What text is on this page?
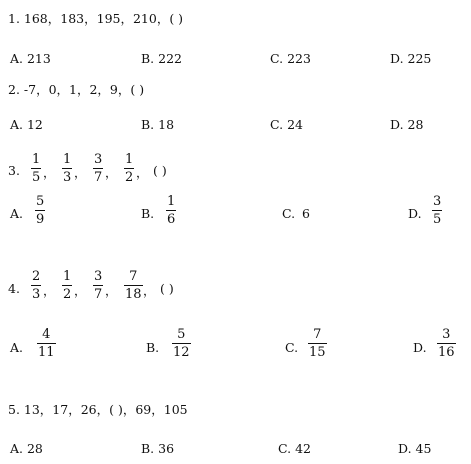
1. 168，183，195，210，( )
A. 213	B. 222	C. 223	D. 225
2. -7，0，1，2，9，( )
A. 12	B. 18	C. 24	D. 28
3.
1
5 ，
1
3 ，
3
7 ，
1
2 ， ( )
A.
5
9	B.
1
6	C. 6	D.
3
5
4.
2
3 ，
1
2 ，
3
7 ，
7
18 ， ( )
A.
4
11	B.
5
12	C.
7
15	D.
3
16
5. 13，17，26，( )，69，105
A. 28	B. 36	C. 42	D. 45
